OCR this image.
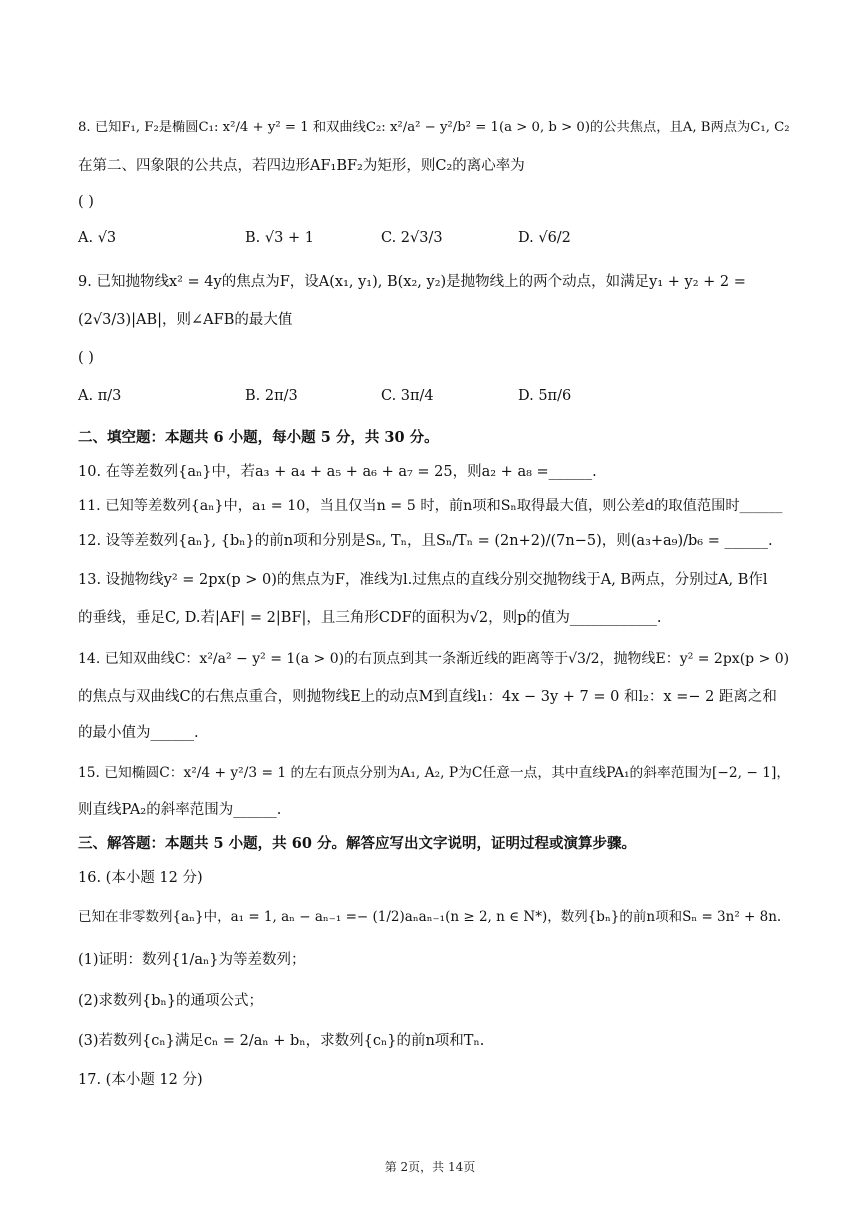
8. 已知F₁, F₂是椭圆C₁: x²/4 + y² = 1 和双曲线C₂: x²/a² − y²/b² = 1(a > 0, b > 0)的公共焦点，且A, B两点为C₁, C₂
在第二、四象限的公共点，若四边形AF₁BF₂为矩形，则C₂的离心率为
( )
A. √3	B. √3 + 1	C. 2√3/3	D. √6/2
9. 已知抛物线x² = 4y的焦点为F，设A(x₁, y₁), B(x₂, y₂)是抛物线上的两个动点，如满足y₁ + y₂ + 2 =
(2√3/3)|AB|，则∠AFB的最大值
( )
A. π/3	B. 2π/3	C. 3π/4	D. 5π/6
二、填空题：本题共 6 小题，每小题 5 分，共 30 分。
10. 在等差数列{aₙ}中，若a₃ + a₄ + a₅ + a₆ + a₇ = 25，则a₂ + a₈ =______.
11. 已知等差数列{aₙ}中，a₁ = 10，当且仅当n = 5 时，前n项和Sₙ取得最大值，则公差d的取值范围时______
12. 设等差数列{aₙ}, {bₙ}的前n项和分别是Sₙ, Tₙ，且Sₙ/Tₙ = (2n+2)/(7n−5)，则(a₃+a₉)/b₆ = ______.
13. 设抛物线y² = 2px(p > 0)的焦点为F，准线为l.过焦点的直线分别交抛物线于A, B两点，分别过A, B作l
的垂线，垂足C, D.若|AF| = 2|BF|，且三角形CDF的面积为√2，则p的值为____________.
14. 已知双曲线C：x²/a² − y² = 1(a > 0)的右顶点到其一条渐近线的距离等于√3/2，抛物线E：y² = 2px(p > 0)
的焦点与双曲线C的右焦点重合，则抛物线E上的动点M到直线l₁：4x − 3y + 7 = 0 和l₂：x =− 2 距离之和
的最小值为______.
15. 已知椭圆C：x²/4 + y²/3 = 1 的左右顶点分别为A₁, A₂, P为C任意一点，其中直线PA₁的斜率范围为[−2, − 1]，
则直线PA₂的斜率范围为______.
三、解答题：本题共 5 小题，共 60 分。解答应写出文字说明，证明过程或演算步骤。
16. (本小题 12 分)
已知在非零数列{aₙ}中，a₁ = 1, aₙ − aₙ₋₁ =− (1/2)aₙaₙ₋₁(n ≥ 2, n ∈ N*)，数列{bₙ}的前n项和Sₙ = 3n² + 8n.
(1)证明：数列{1/aₙ}为等差数列；
(2)求数列{bₙ}的通项公式；
(3)若数列{cₙ}满足cₙ = 2/aₙ + bₙ，求数列{cₙ}的前n项和Tₙ.
17. (本小题 12 分)
第 2页，共 14页
